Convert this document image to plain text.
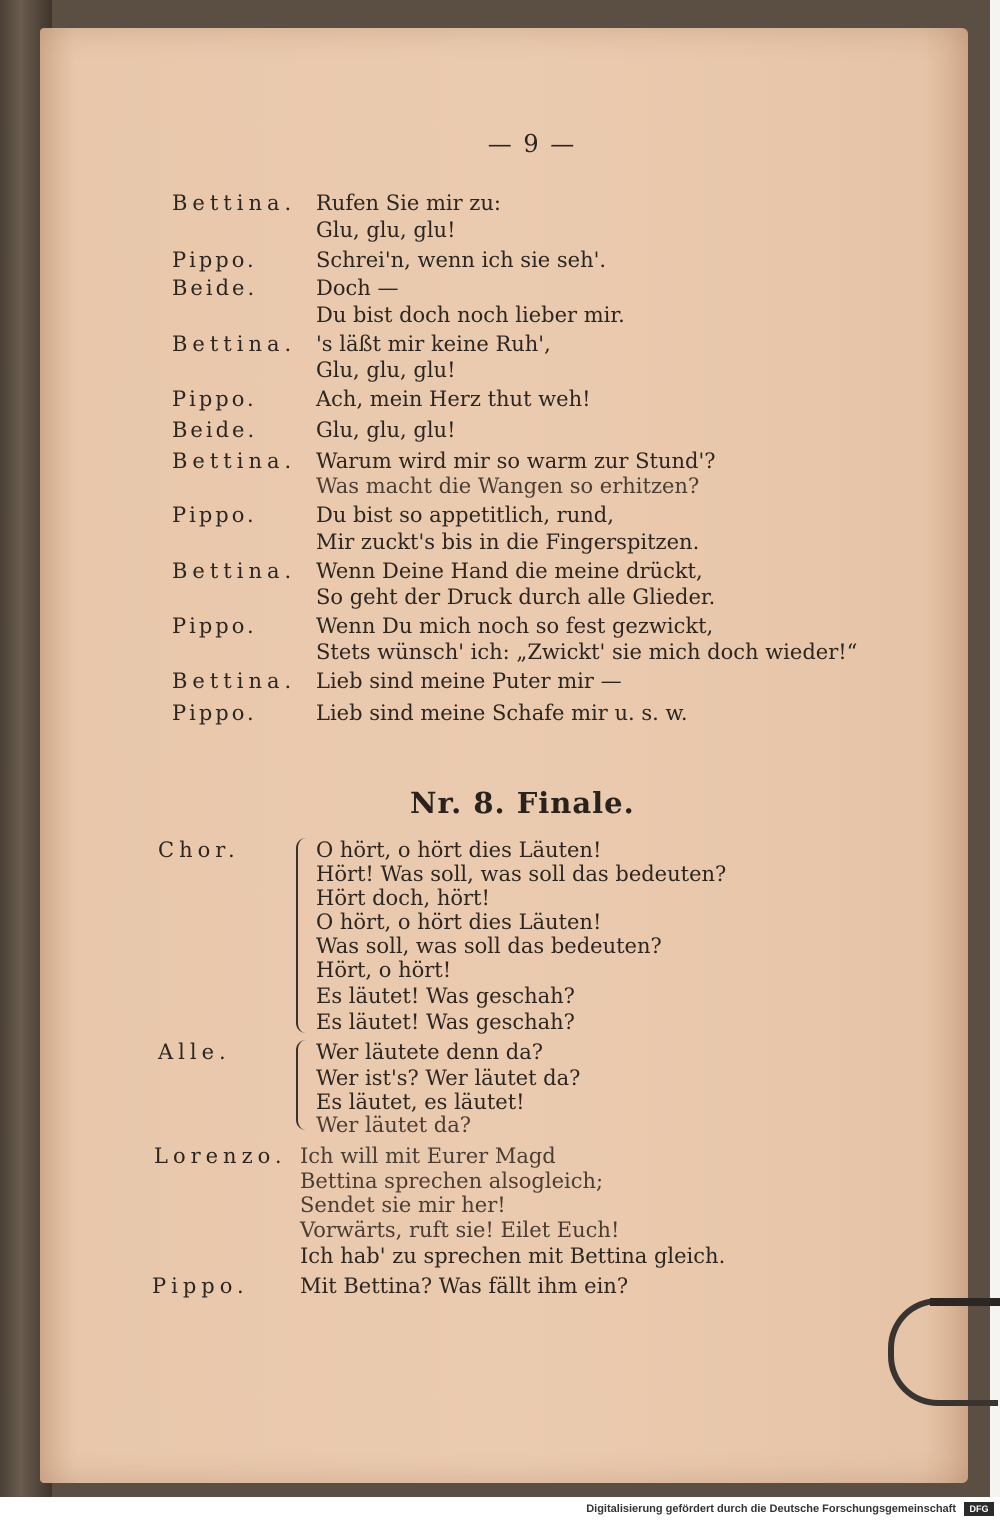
— 9 —
Bettina. Rufen Sie mir zu:
Glu, glu, glu!
Pippo.	Schrei'n, wenn ich sie seh'.
Beide.	Doch —
Du bist doch noch lieber mir.
Bettina. 's läßt mir keine Ruh',
Glu, glu, glu!
Pippo.	Ach, mein Herz thut weh!
Beide.	Glu, glu, glu!
Bettina. Warum wird mir so warm zur Stund'?
Was macht die Wangen so erhitzen?
Pippo.	Du bist so appetitlich, rund,
Mir zuckt's bis in die Fingerspitzen.
Bettina. Wenn Deine Hand die meine drückt,
So geht der Druck durch alle Glieder.
Pippo.	Wenn Du mich noch so fest gezwickt,
Stets wünsch' ich: „Zwickt' sie mich doch wieder!“
Bettina. Lieb sind meine Puter mir —
Pippo.	Lieb sind meine Schafe mir u. s. w.
Nr. 8. Finale.
Chor.	O hört, o hört dies Läuten!
Hört! Was soll, was soll das bedeuten?
Hört doch, hört!
O hört, o hört dies Läuten!
Was soll, was soll das bedeuten?
Hört, o hört!
Es läutet! Was geschah?
Es läutet! Was geschah?
Alle.	Wer läutete denn da?
Wer ist's? Wer läutet da?
Es läutet, es läutet!
Wer läutet da?
Lorenzo. Ich will mit Eurer Magd
Bettina sprechen alsogleich;
Sendet sie mir her!
Vorwärts, ruft sie! Eilet Euch!
Ich hab' zu sprechen mit Bettina gleich.
Pippo. Mit Bettina? Was fällt ihm ein?
Digitalisierung gefördert durch die Deutsche Forschungsgemeinschaft	DFG
